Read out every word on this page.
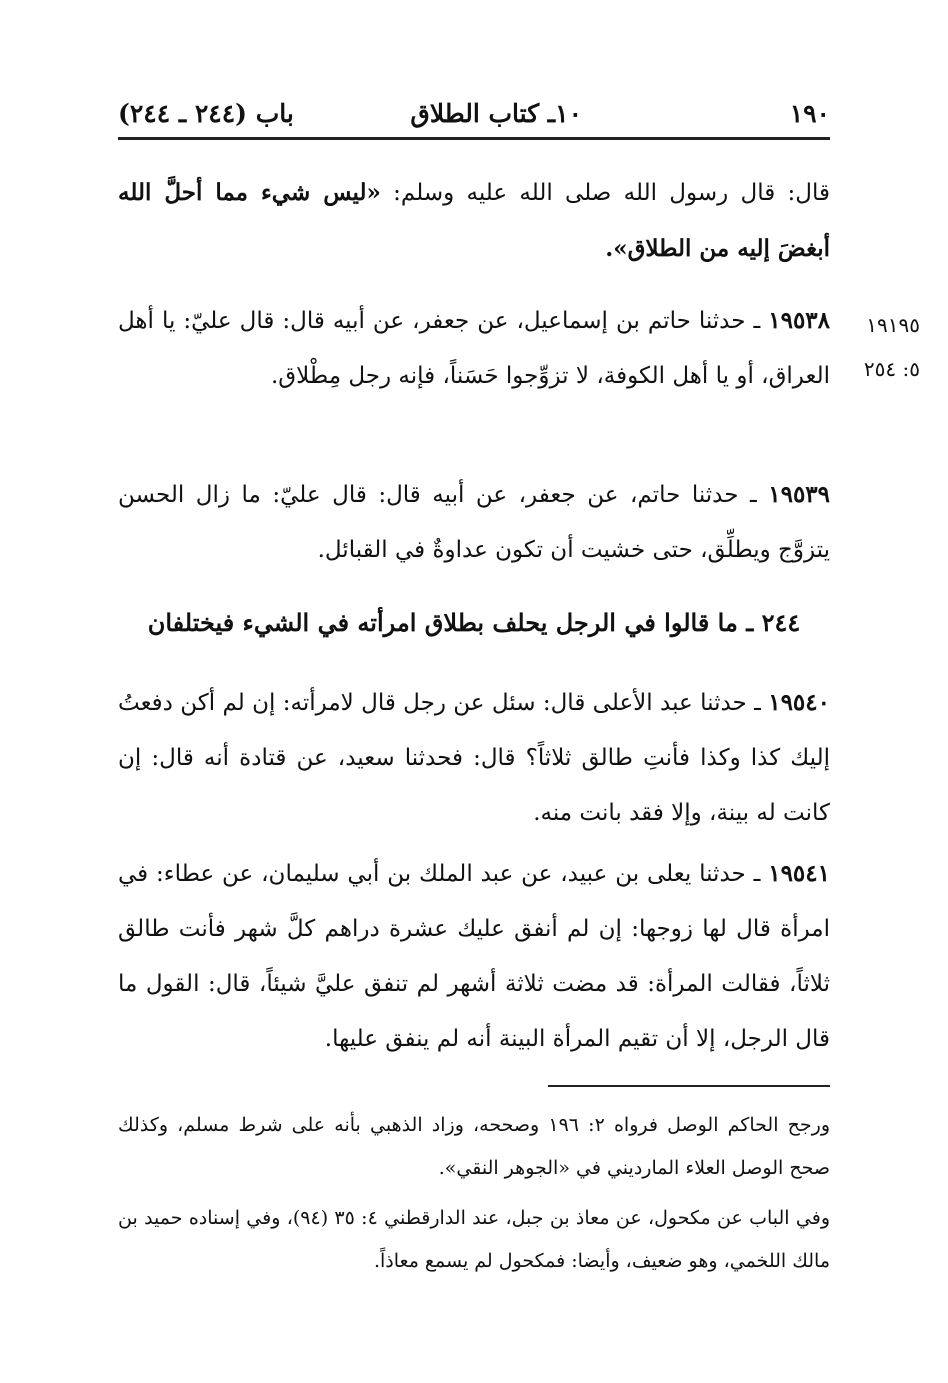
١٩٠
١٠ـ كتاب الطلاق
باب (٢٤٤ ـ ٢٤٤)
قال: قال رسول الله صلى الله عليه وسلم: «ليس شيء مما أحلَّ الله أبغضَ إليه من الطلاق».
١٩١٩٥
٥: ٢٥٤
١٩٥٣٨ ـ حدثنا حاتم بن إسماعيل، عن جعفر، عن أبيه قال: قال عليّ: يا أهل العراق، أو يا أهل الكوفة، لا تزوِّجوا حَسَناً، فإنه رجل مِطْلاق.
١٩٥٣٩ ـ حدثنا حاتم، عن جعفر، عن أبيه قال: قال عليّ: ما زال الحسن يتزوَّج ويطلِّق، حتى خشيت أن تكون عداوةٌ في القبائل.
٢٤٤ ـ ما قالوا في الرجل يحلف بطلاق امرأته في الشيء فيختلفان
١٩٥٤٠ ـ حدثنا عبد الأعلى قال: سئل عن رجل قال لامرأته: إن لم أكن دفعتُ إليك كذا وكذا فأنتِ طالق ثلاثاً؟ قال: فحدثنا سعيد، عن قتادة أنه قال: إن كانت له بينة، وإلا فقد بانت منه.
١٩٥٤١ ـ حدثنا يعلى بن عبيد، عن عبد الملك بن أبي سليمان، عن عطاء: في امرأة قال لها زوجها: إن لم أنفق عليك عشرة دراهم كلَّ شهر فأنت طالق ثلاثاً، فقالت المرأة: قد مضت ثلاثة أشهر لم تنفق عليَّ شيئاً، قال: القول ما قال الرجل، إلا أن تقيم المرأة البينة أنه لم ينفق عليها.
ورجح الحاكم الوصل فرواه ٢: ١٩٦ وصححه، وزاد الذهبي بأنه على شرط مسلم، وكذلك صحح الوصل العلاء المارديني في «الجوهر النقي».
وفي الباب عن مكحول، عن معاذ بن جبل، عند الدارقطني ٤: ٣٥ (٩٤)، وفي إسناده حميد بن مالك اللخمي، وهو ضعيف، وأيضا: فمكحول لم يسمع معاذاً.
